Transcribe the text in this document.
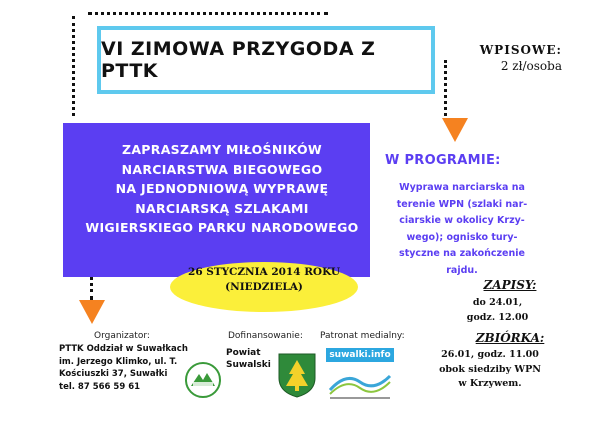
VI ZIMOWA PRZYGODA Z PTTK
WPISOWE:
2 zł/osoba
ZAPRASZAMY MIŁOŚNIKÓW
NARCIARSTWA BIEGOWEGO
NA JEDNODNIOWĄ WYPRAWĘ
NARCIARSKĄ SZLAKAMI
WIGIERSKIEGO PARKU NARODOWEGO
26 STYCZNIA 2014 ROKU
(NIEDZIELA)
W PROGRAMIE:
Wyprawa narciarska na
terenie WPN (szlaki nar-
ciarskie w okolicy Krzy-
wego); ognisko tury-
styczne na zakończenie
rajdu.
ZAPISY:
do 24.01,
godz. 12.00
ZBIÓRKA:
26.01, godz. 11.00
obok siedziby WPN
w Krzywem.
Organizator:
PTTK Oddział w Suwałkach
im. Jerzego Klimko, ul. T.
Kościuszki 37, Suwałki
tel. 87 566 59 61
Dofinansowanie:
Powiat
Suwalski
Patronat medialny:
suwalki.info
